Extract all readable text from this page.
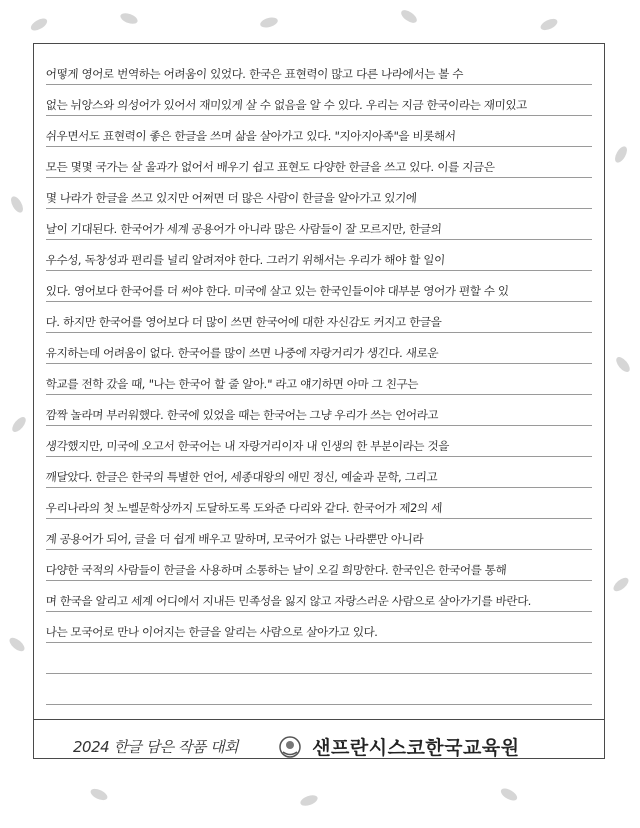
어떻게 영어로 번역하는 어려움이 있었다. 한국은 표현력이 많고 다른 나라에서는 볼 수
없는 뉘앙스와 의성어가 있어서 재미있게 살 수 없음을 알 수 있다. 우리는 지금 한국이라는 재미있고
쉬우면서도 표현력이 좋은 한글을 쓰며 삶을 살아가고 있다. "지아지아족"을 비롯해서
모든 몇몇 국가는 살 울과가 없어서 배우기 쉽고 표현도 다양한 한글을 쓰고 있다. 이를 지금은
몇 나라가 한글을 쓰고 있지만 어쩌면 더 많은 사람이 한글을 알아가고 있기에
날이 기대된다. 한국어가 세계 공용어가 아니라 많은 사람들이 잘 모르지만, 한글의
우수성, 독창성과 편리를 널리 알려져야 한다. 그러기 위해서는 우리가 해야 할 일이
있다. 영어보다 한국어를 더 써야 한다. 미국에 살고 있는 한국인들이야 대부분 영어가 편할 수 있
다. 하지만 한국어를 영어보다 더 많이 쓰면 한국어에 대한 자신감도 커지고 한글을
유지하는데 어려움이 없다. 한국어를 많이 쓰면 나중에 자랑거리가 생긴다. 새로운
학교를 전학 갔을 때, "나는 한국어 할 줄 알아." 라고 얘기하면 아마 그 친구는
깜짝 놀라며 부러워했다. 한국에 있었을 때는 한국어는 그냥 우리가 쓰는 언어라고
생각했지만, 미국에 오고서 한국어는 내 자랑거리이자 내 인생의 한 부분이라는 것을
깨달았다. 한글은 한국의 특별한 언어, 세종대왕의 애민 정신, 예술과 문학, 그리고
우리나라의 첫 노벨문학상까지 도달하도록 도와준 다리와 같다. 한국어가 제2의 세
계 공용어가 되어, 글을 더 쉽게 배우고 말하며, 모국어가 없는 나라뿐만 아니라
다양한 국적의 사람들이 한글을 사용하며 소통하는 날이 오길 희망한다. 한국인은 한국어를 통해
며 한국을 알리고 세계 어디에서 지내든 민족성을 잃지 않고 자랑스러운 사람으로 살아가기를 바란다.
나는 모국어로 만나 이어지는 한글을 알리는 사람으로 살아가고 있다.
2024 한글 담은 작품 대회	샌프란시스코한국교육원
